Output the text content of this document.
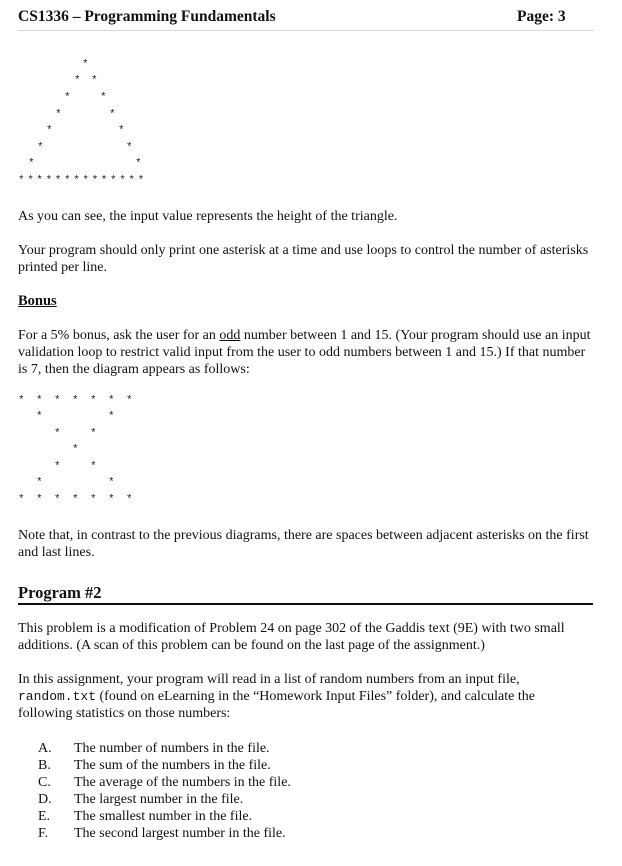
CS1336 – Programming Fundamentals	Page: 3
*
* *
*	*
*	*
*	*
*	*
*	*
**************
As you can see, the input value represents the height of the triangle.
Your program should only print one asterisk at a time and use loops to control the number of asterisks printed per line.
Bonus
For a 5% bonus, ask the user for an odd number between 1 and 15. (Your program should use an input validation loop to restrict valid input from the user to odd numbers between 1 and 15.) If that number is 7, then the diagram appears as follows:
* * * * * * *
*	*
*	*
*
*	*
*	*
* * * * * * *
Note that, in contrast to the previous diagrams, there are spaces between adjacent asterisks on the first and last lines.
Program #2
This problem is a modification of Problem 24 on page 302 of the Gaddis text (9E) with two small additions. (A scan of this problem can be found on the last page of the assignment.)
In this assignment, your program will read in a list of random numbers from an input file, random.txt (found on eLearning in the “Homework Input Files” folder), and calculate the following statistics on those numbers:
A. The number of numbers in the file.
B. The sum of the numbers in the file.
C. The average of the numbers in the file.
D. The largest number in the file.
E. The smallest number in the file.
F. The second largest number in the file.
